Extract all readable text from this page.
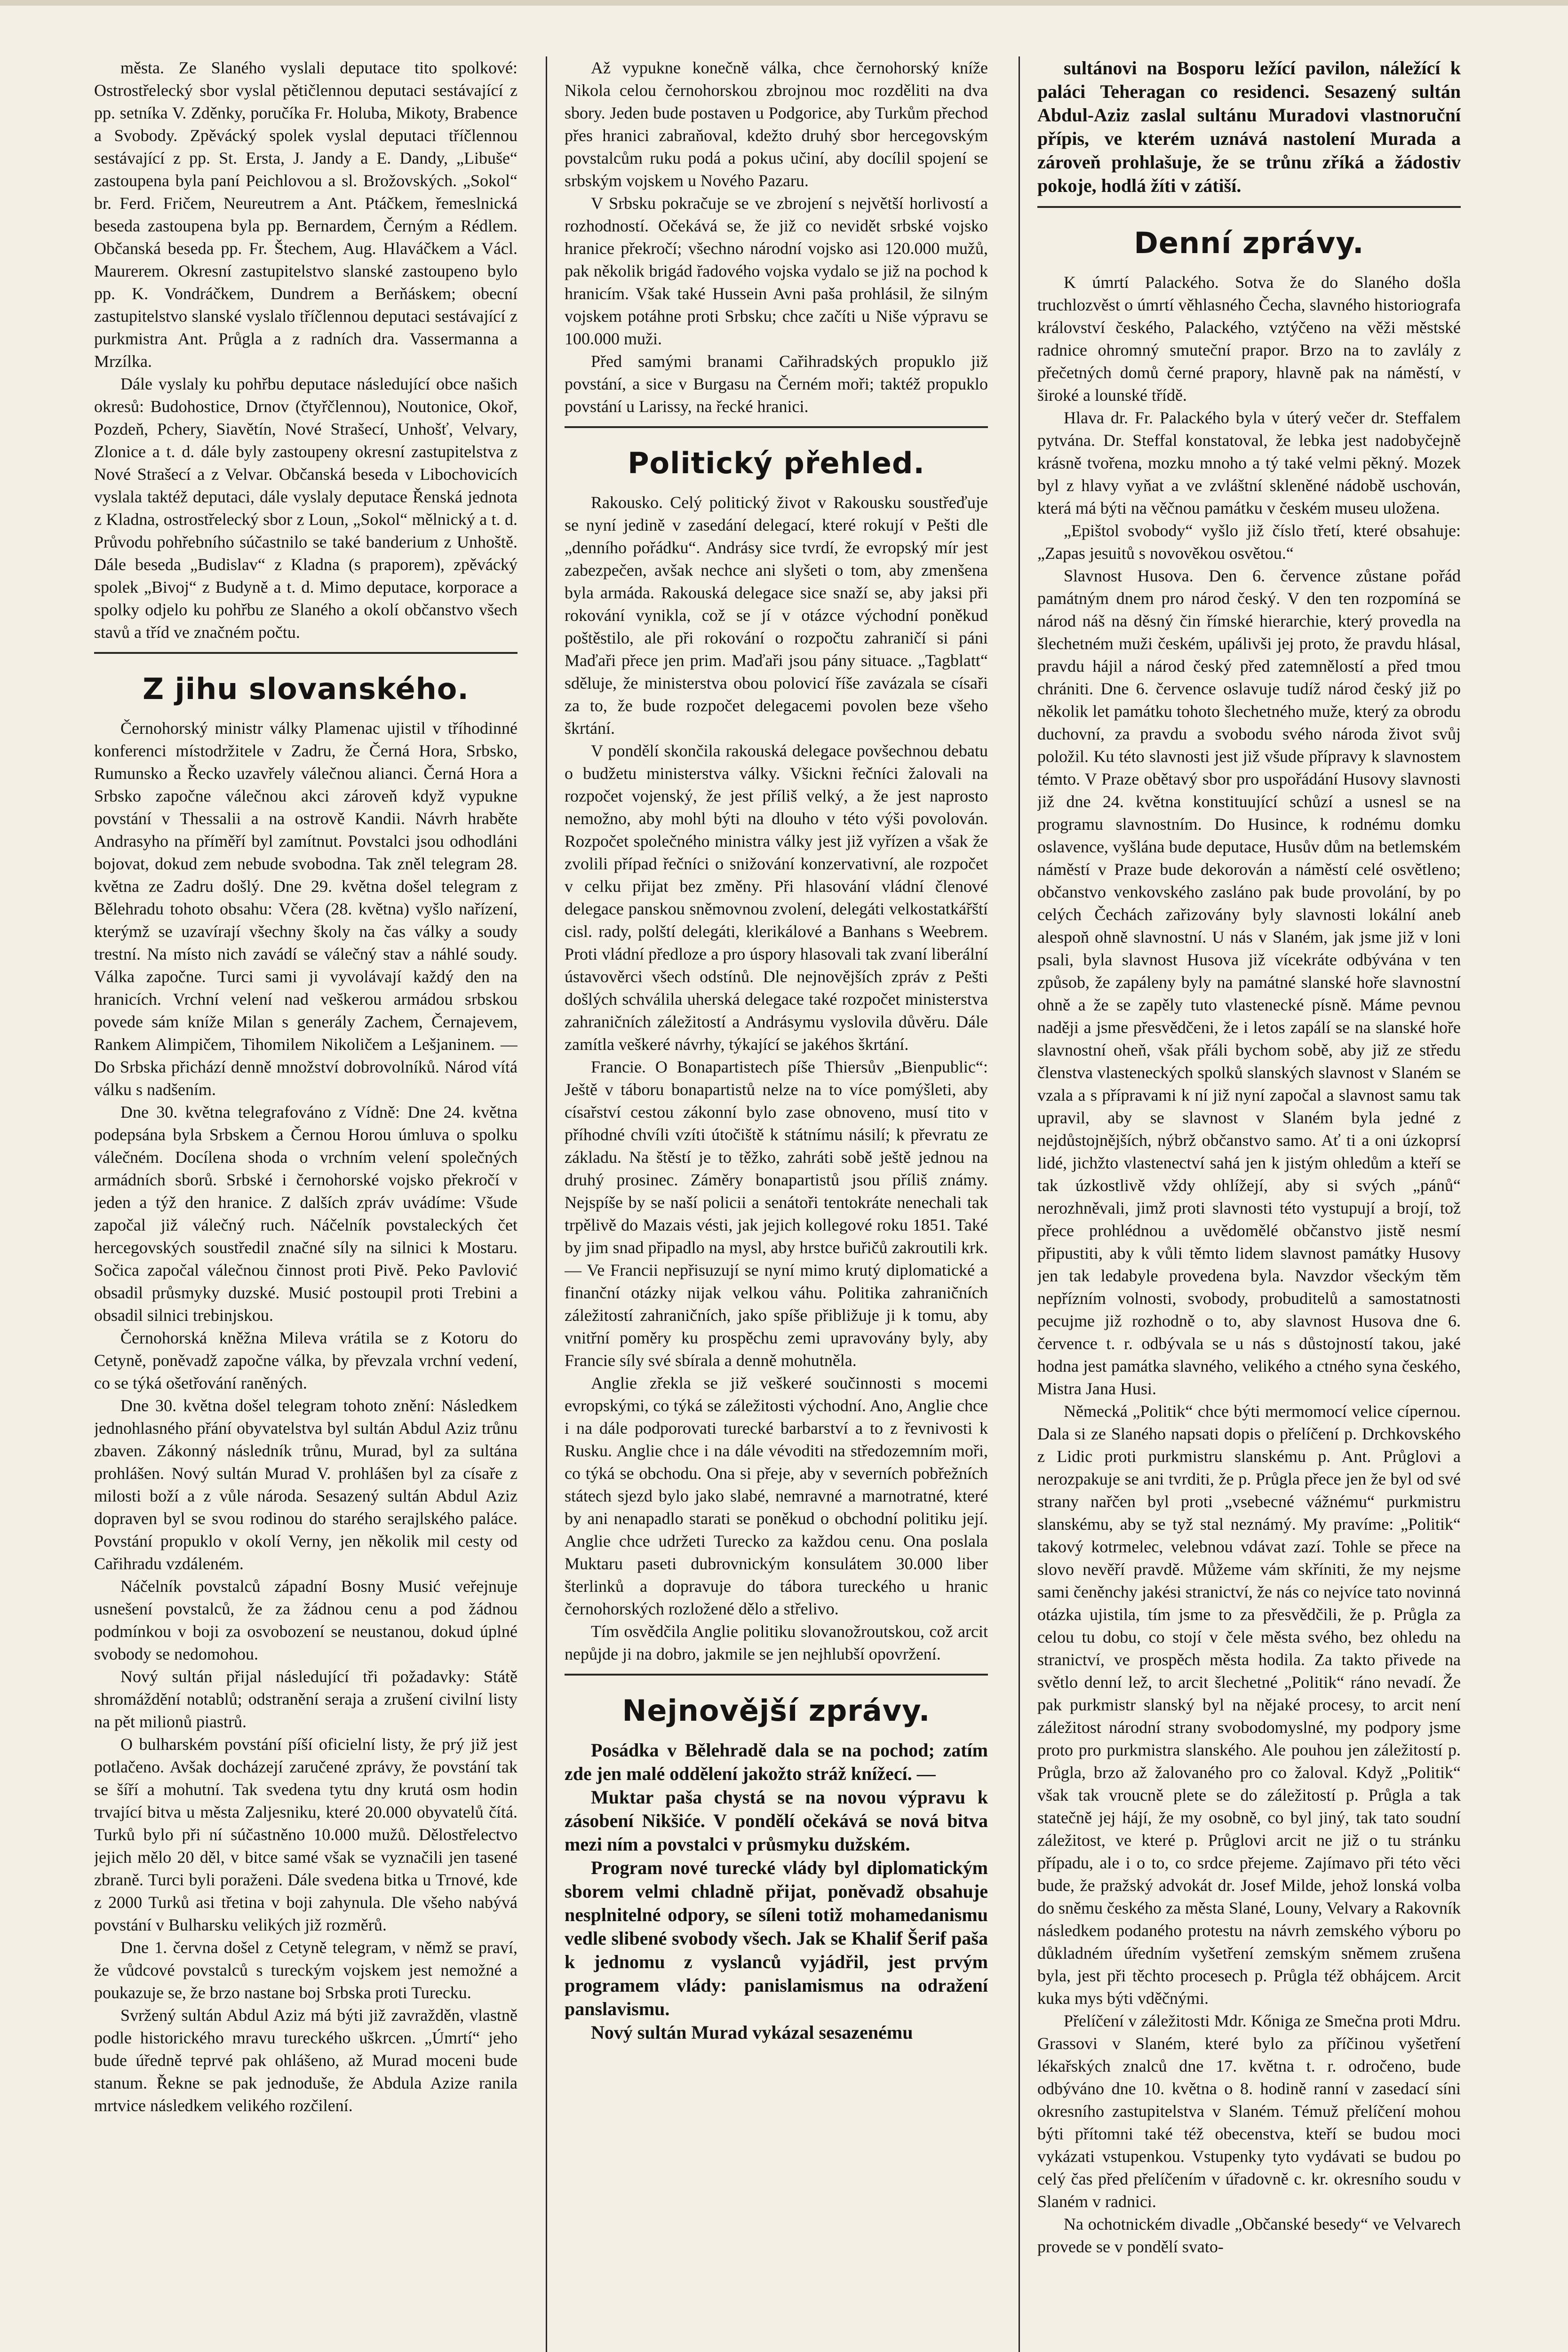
města. Ze Slaného vyslali deputace tito spolkové: Ostrostřelecký sbor vyslal pětičlennou deputaci sestávající z pp. setníka V. Zděnky, poručíka Fr. Holuba, Mikoty, Brabence a Svobody. Zpěvácký spolek vyslal deputaci tříčlennou sestávající z pp. St. Ersta, J. Jandy a E. Dandy, „Libuše“ zastoupena byla paní Peichlovou a sl. Brožovských. „Sokol“ br. Ferd. Fričem, Neureutrem a Ant. Ptáčkem, řemeslnická beseda zastoupena byla pp. Bernardem, Černým a Rédlem. Občanská beseda pp. Fr. Štechem, Aug. Hlaváčkem a Václ. Maurerem. Okresní zastupitelstvo slanské zastoupeno bylo pp. K. Vondráčkem, Dundrem a Berňáskem; obecní zastupitelstvo slanské vyslalo tříčlennou deputaci sestávající z purkmistra Ant. Průgla a z radních dra. Vassermanna a Mrzílka.

Dále vyslaly ku pohřbu deputace následující obce našich okresů: Budohostice, Drnov (čtyřčlennou), Noutonice, Okoř, Pozdeň, Pchery, Siavětín, Nové Strašecí, Unhošť, Velvary, Zlonice a t. d. dále byly zastoupeny okresní zastupitelstva z Nové Strašecí a z Velvar. Občanská beseda v Libochovicích vyslala taktéž deputaci, dále vyslaly deputace Řenská jednota z Kladna, ostrostřelecký sbor z Loun, „Sokol“ mělnický a t. d. Průvodu pohřebního súčastnilo se také banderium z Unhoště. Dále beseda „Budislav“ z Kladna (s praporem), zpěvácký spolek „Bivoj“ z Budyně a t. d. Mimo deputace, korporace a spolky odjelo ku pohřbu ze Slaného a okolí občanstvo všech stavů a tříd ve značném počtu.

Z jihu slovanského.

Černohorský ministr války Plamenac ujistil v tříhodinné konferenci místodržitele v Zadru, že Černá Hora, Srbsko, Rumunsko a Řecko uzavřely válečnou alianci. Černá Hora a Srbsko započne válečnou akci zároveň když vypukne povstání v Thessalii a na ostrově Kandii. Návrh hraběte Andrasyho na příměří byl zamítnut. Povstalci jsou odhodláni bojovat, dokud zem nebude svobodna. Tak zněl telegram 28. května ze Zadru došlý. Dne 29. května došel telegram z Bělehradu tohoto obsahu: Včera (28. května) vyšlo nařízení, kterýmž se uzavírají všechny školy na čas války a soudy trestní. Na místo nich zavádí se válečný stav a náhlé soudy. Válka započne. Turci sami ji vyvolávají každý den na hranicích. Vrchní velení nad veškerou armádou srbskou povede sám kníže Milan s generály Zachem, Černajevem, Rankem Alimpičem, Tihomilem Nikoličem a Lešjaninem. — Do Srbska přichází denně množství dobrovolníků. Národ vítá válku s nadšením.

Dne 30. května telegrafováno z Vídně: Dne 24. května podepsána byla Srbskem a Černou Horou úmluva o spolku válečném. Docílena shoda o vrchním velení společných armádních sborů. Srbské i černohorské vojsko překročí v jeden a týž den hranice. Z dalších zpráv uvádíme: Všude započal již válečný ruch. Náčelník povstaleckých čet hercegovských soustředil značné síly na silnici k Mostaru. Sočica započal válečnou činnost proti Pivě. Peko Pavlović obsadil průsmyky duzské. Musić postoupil proti Trebini a obsadil silnici trebinjskou.

Černohorská kněžna Mileva vrátila se z Kotoru do Cetyně, poněvadž započne válka, by převzala vrchní vedení, co se týká ošetřování raněných.

Dne 30. května došel telegram tohoto znění: Následkem jednohlasného přání obyvatelstva byl sultán Abdul Aziz trůnu zbaven. Zákonný následník trůnu, Murad, byl za sultána prohlášen. Nový sultán Murad V. prohlášen byl za císaře z milosti boží a z vůle národa. Sesazený sultán Abdul Aziz dopraven byl se svou rodinou do starého serajlského paláce. Povstání propuklo v okolí Verny, jen několik mil cesty od Cařihradu vzdáleném.

Náčelník povstalců západní Bosny Musić veřejnuje usnešení povstalců, že za žádnou cenu a pod žádnou podmínkou v boji za osvobození se neustanou, dokud úplné svobody se nedomohou.

Nový sultán přijal následující tři požadavky: Státě shromáždění notablů; odstranění seraja a zrušení civilní listy na pět milionů piastrů.

O bulharském povstání píší oficielní listy, že prý již jest potlačeno. Avšak docházejí zaručené zprávy, že povstání tak se šíří a mohutní. Tak svedena tytu dny krutá osm hodin trvající bitva u města Zaljesniku, které 20.000 obyvatelů čítá. Turků bylo při ní súčastněno 10.000 mužů. Dělostřelectvo jejich mělo 20 děl, v bitce samé však se vyznačili jen tasené zbraně. Turci byli poraženi. Dále svedena bitka u Trnové, kde z 2000 Turků asi třetina v boji zahynula. Dle všeho nabývá povstání v Bulharsku velikých již rozměrů.

Dne 1. června došel z Cetyně telegram, v němž se praví, že vůdcové povstalců s tureckým vojskem jest nemožné a poukazuje se, že brzo nastane boj Srbska proti Turecku.

Svržený sultán Abdul Aziz má býti již zavražděn, vlastně podle historického mravu tureckého uškrcen. „Úmrtí“ jeho bude úředně teprvé pak ohlášeno, až Murad moceni bude stanum. Řekne se pak jednoduše, že Abdula Azize ranila mrtvice následkem velikého rozčilení.

Až vypukne konečně válka, chce černohorský kníže Nikola celou černohorskou zbrojnou moc rozděliti na dva sbory. Jeden bude postaven u Podgorice, aby Turkům přechod přes hranici zabraňoval, kdežto druhý sbor hercegovským povstalcům ruku podá a pokus učiní, aby docílil spojení se srbským vojskem u Nového Pazaru.

V Srbsku pokračuje se ve zbrojení s největší horlivostí a rozhodností. Očekává se, že již co nevidět srbské vojsko hranice překročí; všechno národní vojsko asi 120.000 mužů, pak několik brigád řadového vojska vydalo se již na pochod k hranicím. Však také Hussein Avni paša prohlásil, že silným vojskem potáhne proti Srbsku; chce začíti u Niše výpravu se 100.000 muži.

Před samými branami Cařihradských propuklo již povstání, a sice v Burgasu na Černém moři; taktéž propuklo povstání u Larissy, na řecké hranici.

Politický přehled.

Rakousko. Celý politický život v Rakousku soustřeďuje se nyní jedině v zasedání delegací, které rokují v Pešti dle „denního pořádku“. Andrásy sice tvrdí, že evropský mír jest zabezpečen, avšak nechce ani slyšeti o tom, aby zmenšena byla armáda. Rakouská delegace sice snaží se, aby jaksi při rokování vynikla, což se jí v otázce východní poněkud poštěstilo, ale při rokování o rozpočtu zahraničí si páni Maďaři přece jen prim. Maďaři jsou pány situace. „Tagblatt“ sděluje, že ministerstva obou polovicí říše zavázala se císaři za to, že bude rozpočet delegacemi povolen beze všeho škrtání.

V pondělí skončila rakouská delegace povšechnou debatu o budžetu ministerstva války. Všickni řečníci žalovali na rozpočet vojenský, že jest příliš velký, a že jest naprosto nemožno, aby mohl býti na dlouho v této výši povolován. Rozpočet společného ministra války jest již vyřízen a však že zvolili případ řečníci o snižování konzervativní, ale rozpočet v celku přijat bez změny. Při hlasování vládní členové delegace panskou sněmovnou zvolení, delegáti velkostatkářští cisl. rady, polští delegáti, klerikálové a Banhans s Weebrem. Proti vládní předloze a pro úspory hlasovali tak zvaní liberální ústavověrci všech odstínů. Dle nejnovějších zpráv z Pešti došlých schválila uherská delegace také rozpočet ministerstva zahraničních záležitostí a Andrásymu vyslovila důvěru. Dále zamítla veškeré návrhy, týkající se jakéhos škrtání.

Francie. O Bonapartistech píše Thiersův „Bienpublic“: Ještě v táboru bonapartistů nelze na to více pomýšleti, aby císařství cestou zákonní bylo zase obnoveno, musí tito v příhodné chvíli vzíti útočiště k státnímu násilí; k převratu ze základu. Na štěstí je to těžko, zahráti sobě ještě jednou na druhý prosinec. Záměry bonapartistů jsou příliš známy. Nejspíše by se naší policii a senátoři tentokráte nenechali tak trpělivě do Mazais vésti, jak jejich kollegové roku 1851. Také by jim snad připadlo na mysl, aby hrstce buřičů zakroutili krk. — Ve Francii nepřisuzují se nyní mimo krutý diplomatické a finanční otázky nijak velkou váhu. Politika zahraničních záležitostí zahraničních, jako spíše přibližuje ji k tomu, aby vnitřní poměry ku prospěchu zemi upravovány byly, aby Francie síly své sbírala a denně mohutněla.

Anglie zřekla se již veškeré součinnosti s mocemi evropskými, co týká se záležitosti východní. Ano, Anglie chce i na dále podporovati turecké barbarství a to z řevnivosti k Rusku. Anglie chce i na dále vévoditi na středozemním moři, co týká se obchodu. Ona si přeje, aby v severních pobřežních státech sjezd bylo jako slabé, nemravné a marnotratné, které by ani nenapadlo starati se poněkud o obchodní politiku její. Anglie chce udržeti Turecko za každou cenu. Ona poslala Muktaru paseti dubrovnickým konsulátem 30.000 liber šterlinků a dopravuje do tábora tureckého u hranic černohorských rozložené dělo a střelivo.

Tím osvědčila Anglie politiku slovanožroutskou, což arcit nepůjde ji na dobro, jakmile se jen nejhlubší opovržení.

Nejnovější zprávy.

Posádka v Bělehradě dala se na pochod; zatím zde jen malé oddělení jakožto stráž knížecí. —

Muktar paša chystá se na novou výpravu k zásobení Nikšiće. V pondělí očekává se nová bitva mezi ním a povstalci v průsmyku dužském.

Program nové turecké vlády byl diplomatickým sborem velmi chladně přijat, poněvadž obsahuje nesplnitelné odpory, se síleni totiž mohamedanismu vedle slibené svobody všech. Jak se Khalif Šerif paša k jednomu z vyslanců vyjádřil, jest prvým programem vlády: panislamismus na odražení panslavismu.

Nový sultán Murad vykázal sesazenému

sultánovi na Bosporu ležící pavilon, náležící k paláci Teheragan co residenci. Sesazený sultán Abdul-Aziz zaslal sultánu Muradovi vlastnoruční přípis, ve kterém uznává nastolení Murada a zároveň prohlašuje, že se trůnu zříká a žádostiv pokoje, hodlá žíti v zátiší.

Denní zprávy.

K úmrtí Palackého. Sotva že do Slaného došla truchlozvěst o úmrtí věhlasného Čecha, slavného historiografa království českého, Palackého, vztýčeno na věži městské radnice ohromný smuteční prapor. Brzo na to zavlály z přečetných domů černé prapory, hlavně pak na náměstí, v široké a lounské třídě.

Hlava dr. Fr. Palackého byla v úterý večer dr. Steffalem pytvána. Dr. Steffal konstatoval, že lebka jest nadobyčejně krásně tvořena, mozku mnoho a tý také velmi pěkný. Mozek byl z hlavy vyňat a ve zvláštní skleněné nádobě uschován, která má býti na věčnou památku v českém museu uložena.

„Epištol svobody“ vyšlo již číslo třetí, které obsahuje: „Zapas jesuitů s novověkou osvětou.“

Slavnost Husova. Den 6. července zůstane pořád památným dnem pro národ český. V den ten rozpomíná se národ náš na děsný čin římské hierarchie, který provedla na šlechetném muži českém, upálivši jej proto, že pravdu hlásal, pravdu hájil a národ český před zatemnělostí a před tmou chrániti. Dne 6. července oslavuje tudíž národ český již po několik let památku tohoto šlechetného muže, který za obrodu duchovní, za pravdu a svobodu svého národa život svůj položil. Ku této slavnosti jest již všude přípravy k slavnostem témto. V Praze obětavý sbor pro uspořádání Husovy slavnosti již dne 24. května konstituující schůzí a usnesl se na programu slavnostním. Do Husince, k rodnému domku oslavence, vyšlána bude deputace, Husův dům na betlemském náměstí v Praze bude dekorován a náměstí celé osvětleno; občanstvo venkovského zasláno pak bude provolání, by po celých Čechách zařizovány byly slavnosti lokální aneb alespoň ohně slavnostní. U nás v Slaném, jak jsme již v loni psali, byla slavnost Husova již vícekráte odbývána v ten způsob, že zapáleny byly na památné slanské hoře slavnostní ohně a že se zapěly tuto vlastenecké písně. Máme pevnou naději a jsme přesvědčeni, že i letos zapálí se na slanské hoře slavnostní oheň, však přáli bychom sobě, aby již ze středu členstva vlasteneckých spolků slanských slavnost v Slaném se vzala a s přípravami k ní již nyní započal a slavnost samu tak upravil, aby se slavnost v Slaném byla jedné z nejdůstojnějších, nýbrž občanstvo samo. Ať ti a oni úzkoprsí lidé, jichžto vlastenectví sahá jen k jistým ohledům a kteří se tak úzkostlivě vždy ohlížejí, aby si svých „pánů“ nerozhněvali, jimž proti slavnosti této vystupují a brojí, tož přece prohlédnou a uvědomělé občanstvo jistě nesmí připustiti, aby k vůli těmto lidem slavnost památky Husovy jen tak ledabyle provedena byla. Navzdor všeckým těm nepřízním volnosti, svobody, probuditelů a samostatnosti pecujme již rozhodně o to, aby slavnost Husova dne 6. července t. r. odbývala se u nás s důstojností takou, jaké hodna jest památka slavného, velikého a ctného syna českého, Mistra Jana Husi.

Německá „Politik“ chce býti mermomocí velice cípernou. Dala si ze Slaného napsati dopis o přelíčení p. Drchkovského z Lidic proti purkmistru slanskému p. Ant. Průglovi a nerozpakuje se ani tvrditi, že p. Průgla přece jen že byl od své strany nařčen byl proti „vsebecné vážnému“ purkmistru slanskému, aby se tyž stal neznámý. My pravíme: „Politik“ takový kotrmelec, velebnou vdávat zazí. Tohle se přece na slovo nevěří pravdě. Můžeme vám skříniti, že my nejsme sami čeněnchy jakési stranictví, že nás co nejvíce tato novinná otázka ujistila, tím jsme to za přesvědčili, že p. Průgla za celou tu dobu, co stojí v čele města svého, bez ohledu na stranictví, ve prospěch města hodila. Za takto přivede na světlo denní lež, to arcit šlechetné „Politik“ ráno nevadí. Že pak purkmistr slanský byl na nějaké procesy, to arcit není záležitost národní strany svobodomyslné, my podpory jsme proto pro purkmistra slanského. Ale pouhou jen záležitostí p. Průgla, brzo až žalovaného pro co žaloval. Když „Politik“ však tak vroucně plete se do záležitostí p. Průgla a tak statečně jej hájí, že my osobně, co byl jiný, tak tato soudní záležitost, ve které p. Průglovi arcit ne již o tu stránku případu, ale i o to, co srdce přejeme. Zajímavo při této věci bude, že pražský advokát dr. Josef Milde, jehož lonská volba do sněmu českého za města Slané, Louny, Velvary a Rakovník následkem podaného protestu na návrh zemského výboru po důkladném úředním vyšetření zemským sněmem zrušena byla, jest při těchto procesech p. Průgla též obhájcem. Arcit kuka mys býti vděčnými.

Přelíčení v záležitosti Mdr. Kőniga ze Smečna proti Mdru. Grassovi v Slaném, které bylo za příčinou vyšetření lékařských znalců dne 17. května t. r. odročeno, bude odbýváno dne 10. května o 8. hodině ranní v zasedací síni okresního zastupitelstva v Slaném. Témuž přelíčení mohou býti přítomni také též obecenstva, kteří se budou moci vykázati vstupenkou. Vstupenky tyto vydávati se budou po celý čas před přelíčením v úřadovně c. kr. okresního soudu v Slaném v radnici.

Na ochotnickém divadle „Občanské besedy“ ve Velvarech provede se v pondělí svato-
